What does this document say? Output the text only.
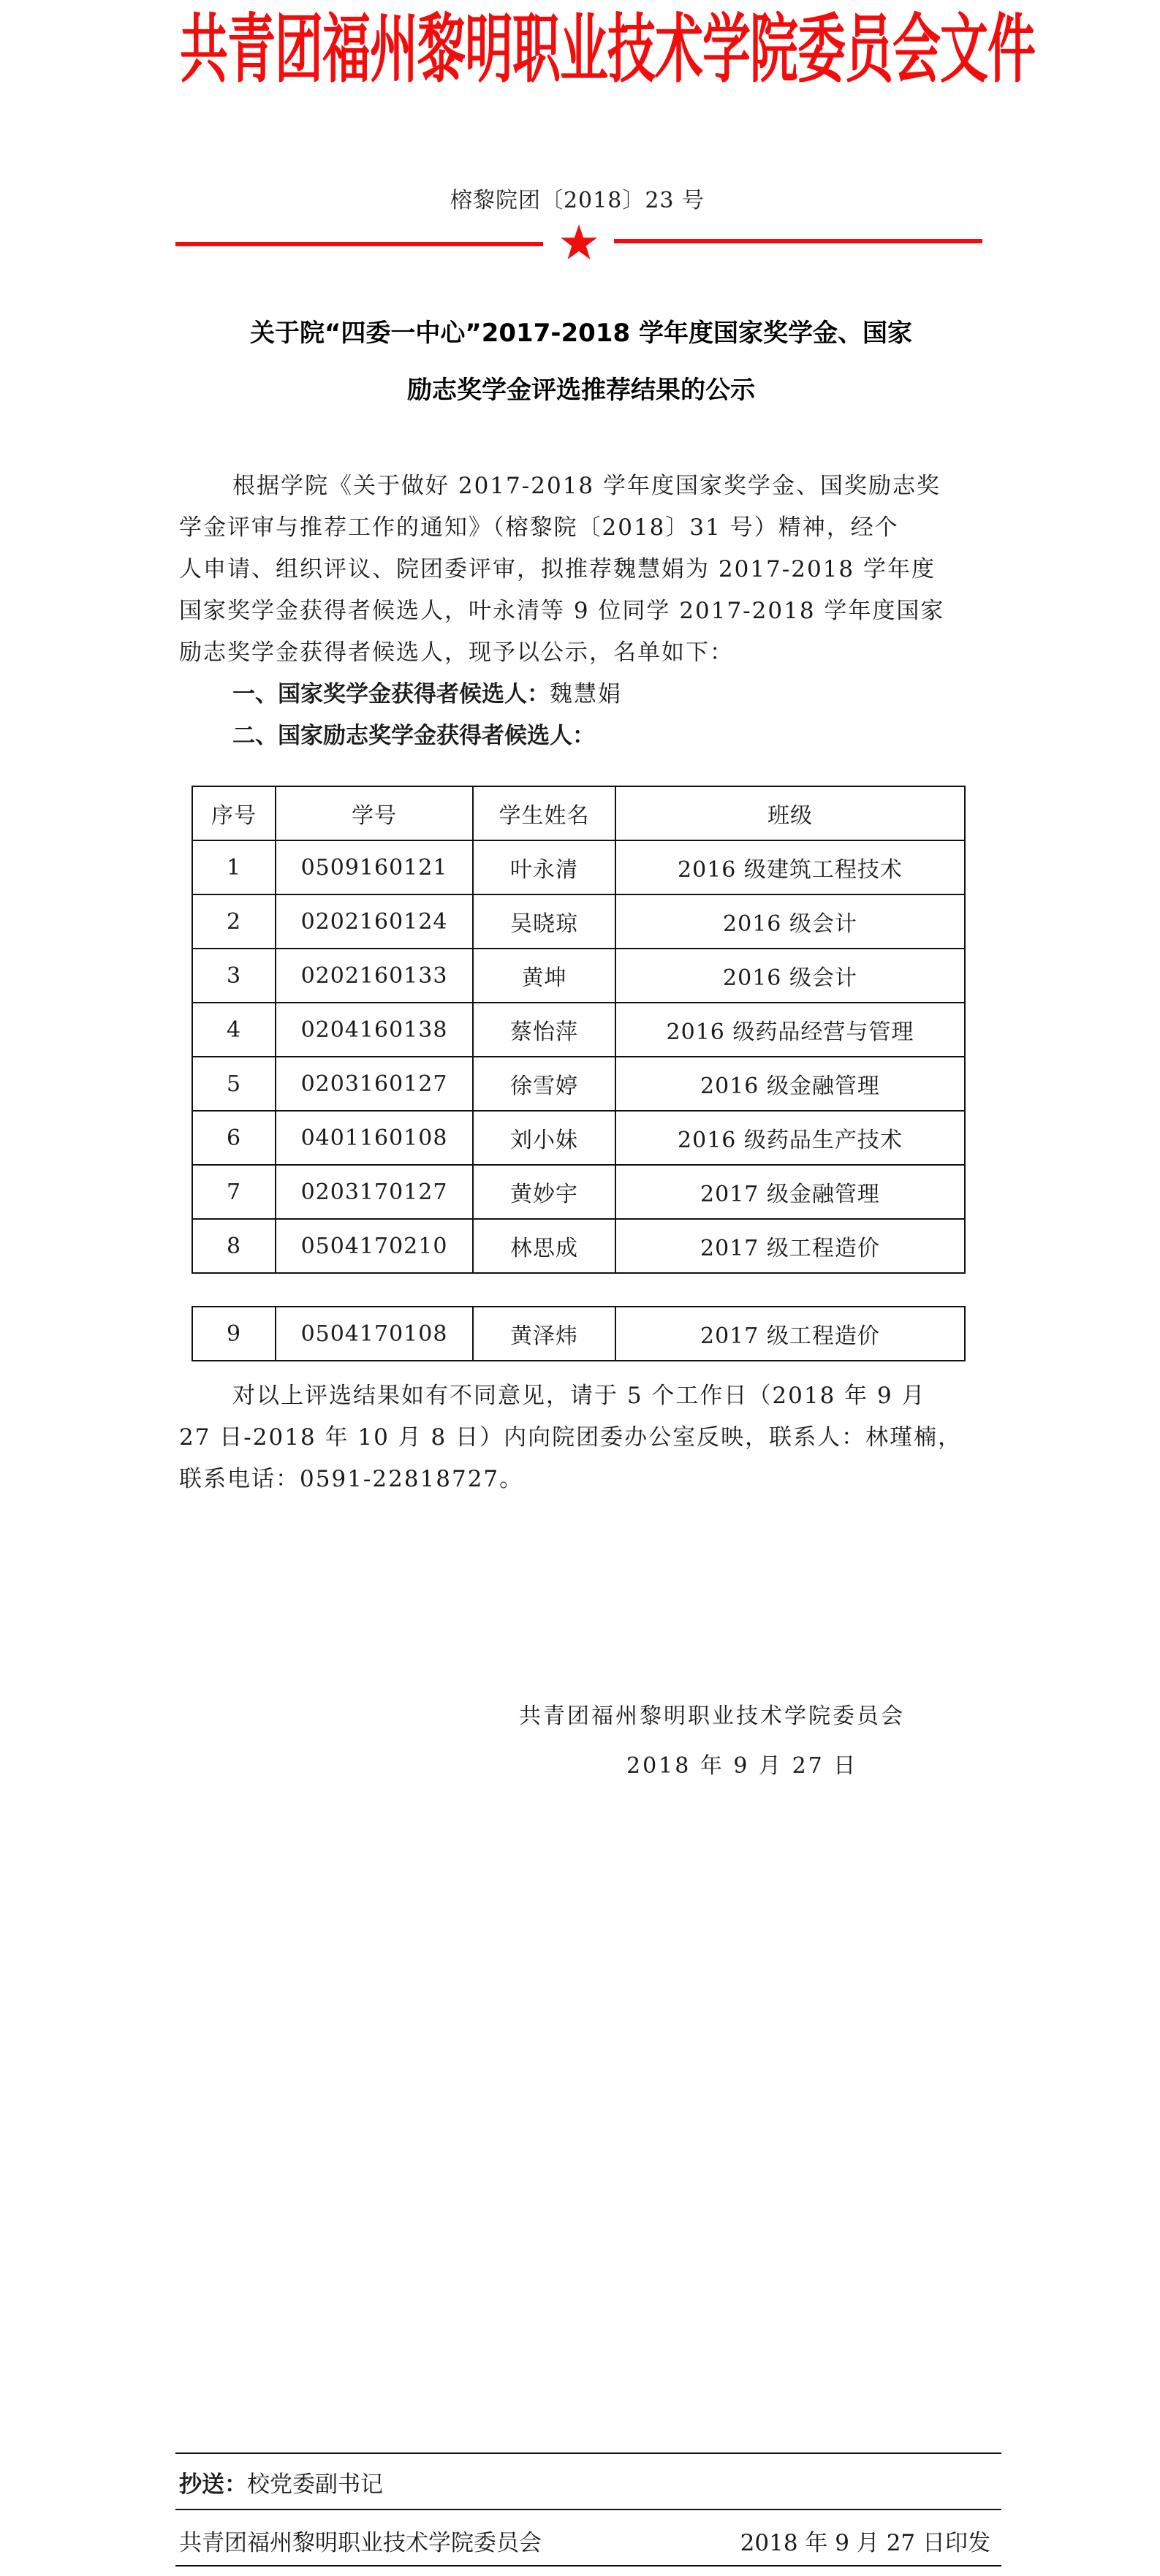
共青团福州黎明职业技术学院委员会文件
榕黎院团〔2018〕23 号
关于院“四委一中心”2017-2018 学年度国家奖学金、国家
励志奖学金评选推荐结果的公示
根据学院《关于做好 2017-2018 学年度国家奖学金、国奖励志奖
学金评审与推荐工作的通知》（榕黎院〔2018〕31 号）精神，经个
人申请、组织评议、院团委评审，拟推荐魏慧娟为 2017-2018 学年度
国家奖学金获得者候选人，叶永清等 9 位同学 2017-2018 学年度国家
励志奖学金获得者候选人，现予以公示，名单如下：
一、国家奖学金获得者候选人：魏慧娟
二、国家励志奖学金获得者候选人：
序号	学号	学生姓名	班级
1	0509160121	叶永清	2016 级建筑工程技术
2	0202160124	吴晓琼	2016 级会计
3	0202160133	黄坤	2016 级会计
4	0204160138	蔡怡萍	2016 级药品经营与管理
5	0203160127	徐雪婷	2016 级金融管理
6	0401160108	刘小妹	2016 级药品生产技术
7	0203170127	黄妙宇	2017 级金融管理
8	0504170210	林思成	2017 级工程造价
9	0504170108	黄泽炜	2017 级工程造价
对以上评选结果如有不同意见，请于 5 个工作日（2018 年 9 月
27 日-2018 年 10 月 8 日）内向院团委办公室反映，联系人：林瑾楠，
联系电话：0591-22818727。
共青团福州黎明职业技术学院委员会
2018 年 9 月 27 日
抄送：校党委副书记
共青团福州黎明职业技术学院委员会	2018 年 9 月 27 日印发
